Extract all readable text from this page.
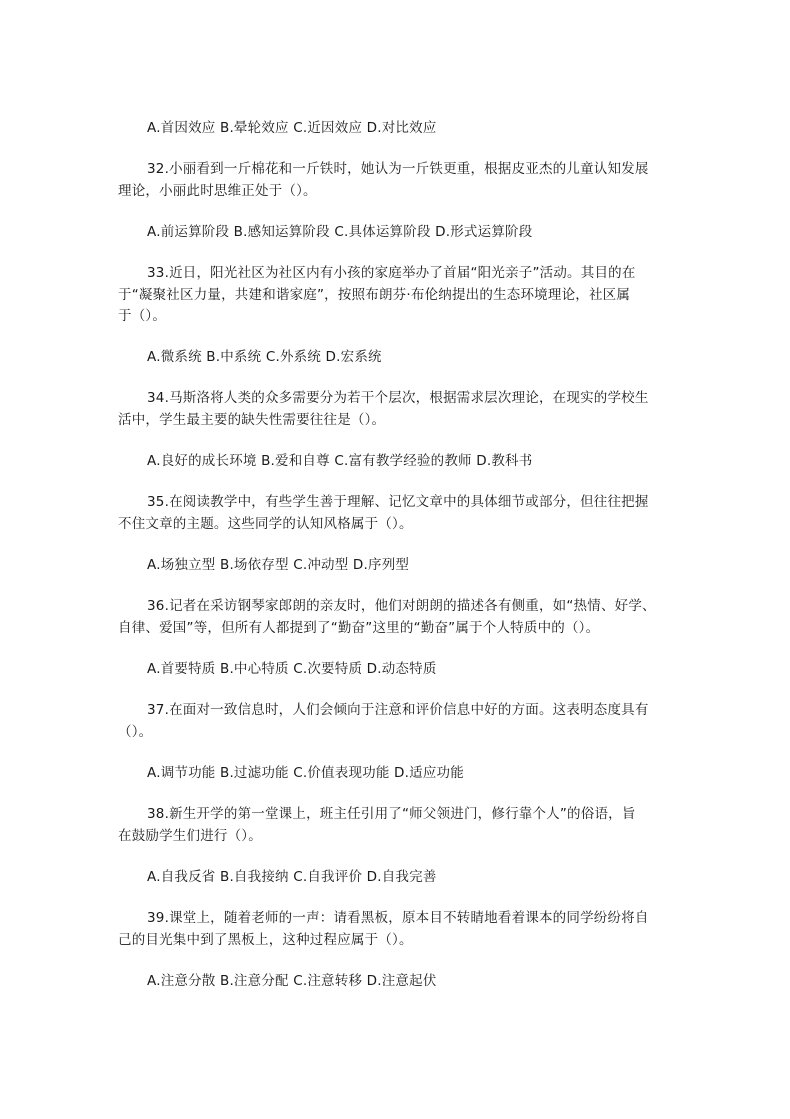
A.首因效应 B.晕轮效应 C.近因效应 D.对比效应
32.小丽看到一斤棉花和一斤铁时，她认为一斤铁更重，根据皮亚杰的儿童认知发展
理论，小丽此时思维正处于（）。
A.前运算阶段 B.感知运算阶段 C.具体运算阶段 D.形式运算阶段
33.近日，阳光社区为社区内有小孩的家庭举办了首届“阳光亲子”活动。其目的在
于“凝聚社区力量，共建和谐家庭”，按照布朗芬·布伦纳提出的生态环境理论，社区属
于（）。
A.微系统 B.中系统 C.外系统 D.宏系统
34.马斯洛将人类的众多需要分为若干个层次，根据需求层次理论，在现实的学校生
活中，学生最主要的缺失性需要往往是（）。
A.良好的成长环境 B.爱和自尊 C.富有教学经验的教师 D.教科书
35.在阅读教学中，有些学生善于理解、记忆文章中的具体细节或部分，但往往把握
不住文章的主题。这些同学的认知风格属于（）。
A.场独立型 B.场依存型 C.冲动型 D.序列型
36.记者在采访钢琴家郎朗的亲友时，他们对朗朗的描述各有侧重，如“热情、好学、
自律、爱国”等，但所有人都提到了“勤奋”这里的“勤奋”属于个人特质中的（）。
A.首要特质 B.中心特质 C.次要特质 D.动态特质
37.在面对一致信息时，人们会倾向于注意和评价信息中好的方面。这表明态度具有
（）。
A.调节功能 B.过滤功能 C.价值表现功能 D.适应功能
38.新生开学的第一堂课上，班主任引用了“师父领进门，修行靠个人”的俗语，旨
在鼓励学生们进行（）。
A.自我反省 B.自我接纳 C.自我评价 D.自我完善
39.课堂上，随着老师的一声：请看黑板，原本目不转睛地看着课本的同学纷纷将自
己的目光集中到了黑板上，这种过程应属于（）。
A.注意分散 B.注意分配 C.注意转移 D.注意起伏
